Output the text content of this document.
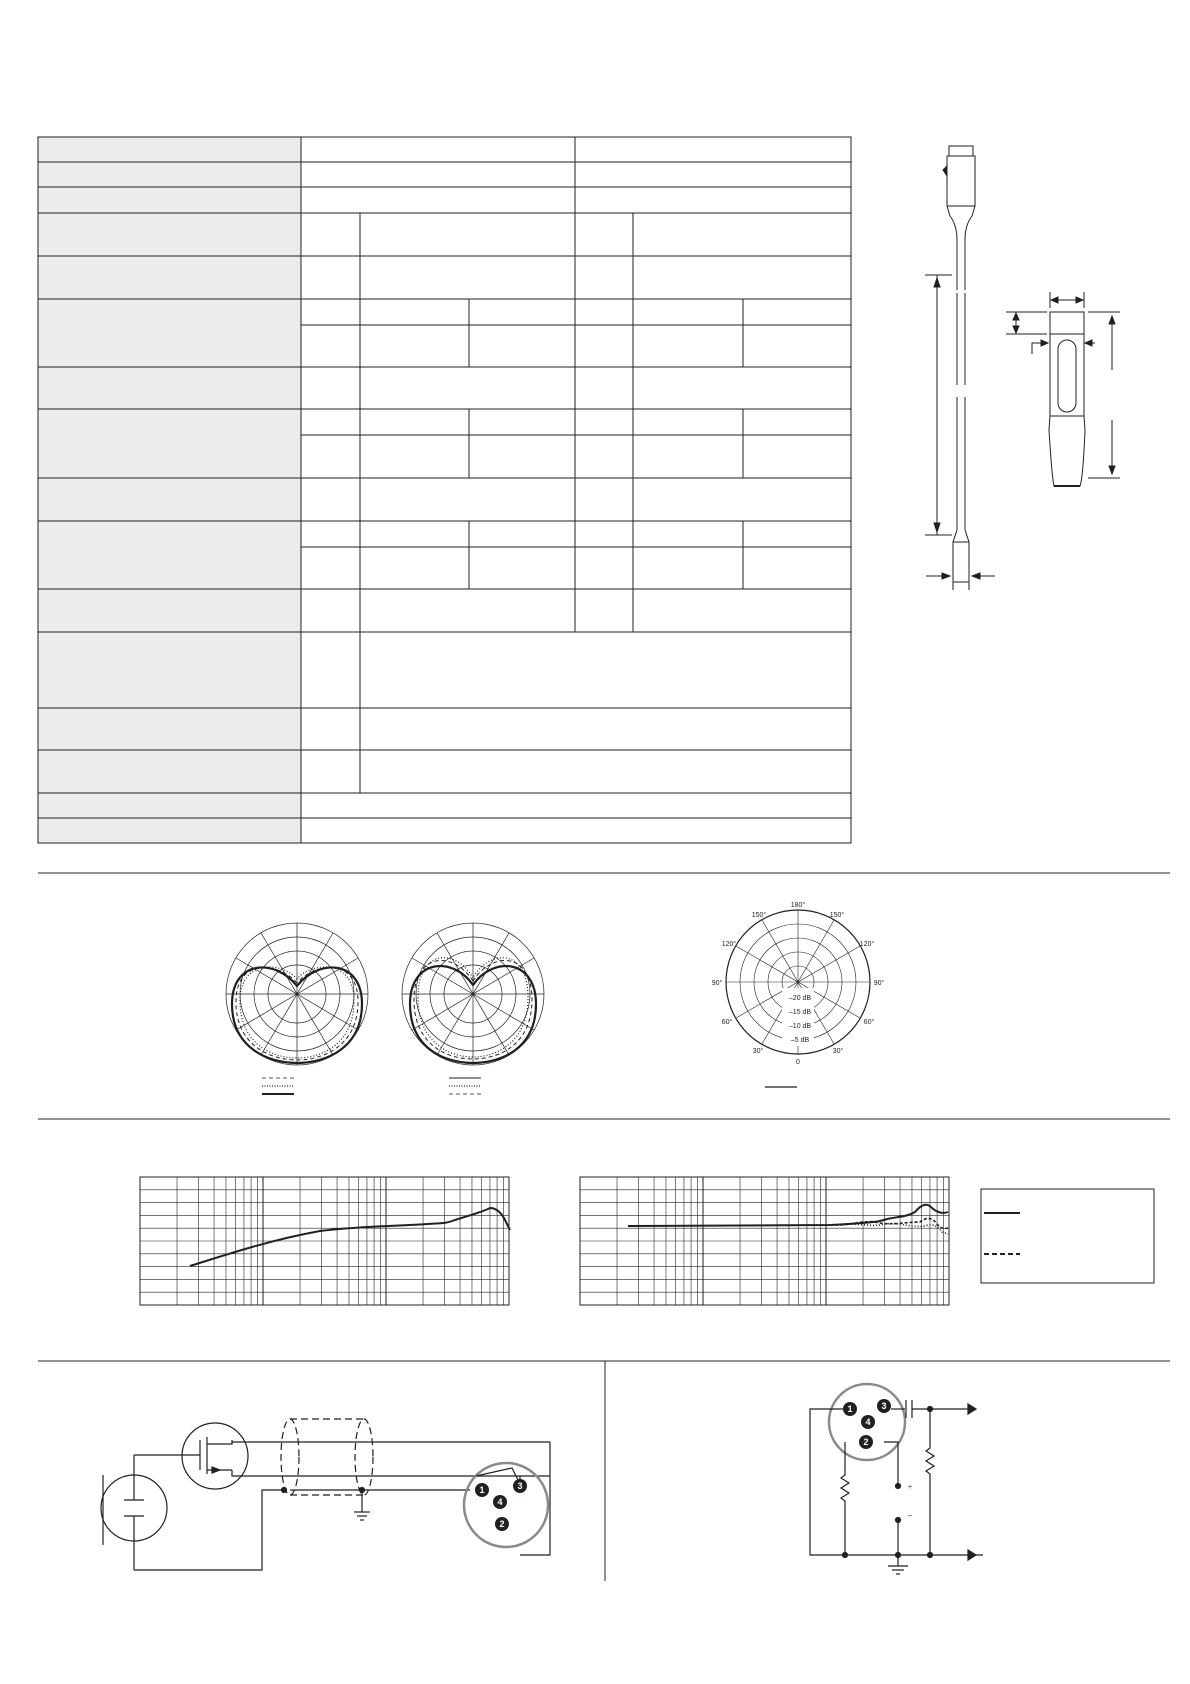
180°
150°	150°
120°	120°
90°	90°
60°	60°
30°	30°
0
–20 dB
–15 dB
–10 dB
–5 dB
1	3
4
2
1	3
4
2
+
–
